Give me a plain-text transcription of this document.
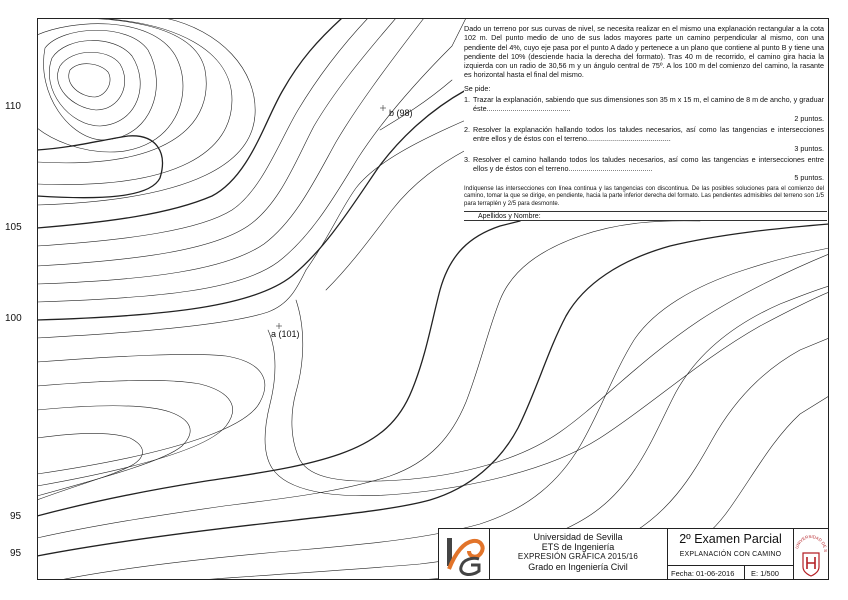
110
105
100
95
95
b (98)
a (101)

Dado un terreno por sus curvas de nivel, se necesita realizar en el mismo una explanación rectangular a la cota 102 m. Del punto medio de uno de sus lados mayores parte un camino perpendicular al mismo, con una pendiente del 4%, cuyo eje pasa por el punto A dado y pertenece a un plano que contiene al punto B y tiene una pendiente del 10% (desciende hacia la derecha del formato). Tras 40 m de recorrido, el camino gira hacia la izquierda con un radio de 30,56 m y un ángulo central de 75º. A los 100 m del comienzo del camino, la rasante es horizontal hasta el final del mismo.

Se pide:

1. Trazar la explanación, sabiendo que sus dimensiones son 35 m x 15 m, el camino de 8 m de ancho, y graduar éste..........................................
2 puntos.
2. Resolver la explanación hallando todos los taludes necesarios, así como las tangencias e intersecciones entre ellos y de éstos con el terreno..........................................
3 puntos.
3. Resolver el camino hallando todos los taludes necesarios, así como las tangencias e intersecciones entre ellos y de éstos con el terreno..........................................
5 puntos.
Indíquense las intersecciones con línea continua y las tangencias con discontinua. De las posibles soluciones para el comienzo del camino, tomar la que se dirige, en pendiente, hacia la parte inferior derecha del formato. Las pendientes admisibles del terreno son 1/5 para terraplén y 2/5 para desmonte.
Apellidos y Nombre:
Universidad de Sevilla
ETS de Ingeniería
EXPRESIÓN GRÁFICA 2015/16
Grado en Ingeniería Civil
2º Examen Parcial
EXPLANACIÓN CON CAMINO
Fecha: 01-06-2016 E: 1/500
UNIVERSIDAD DE S
